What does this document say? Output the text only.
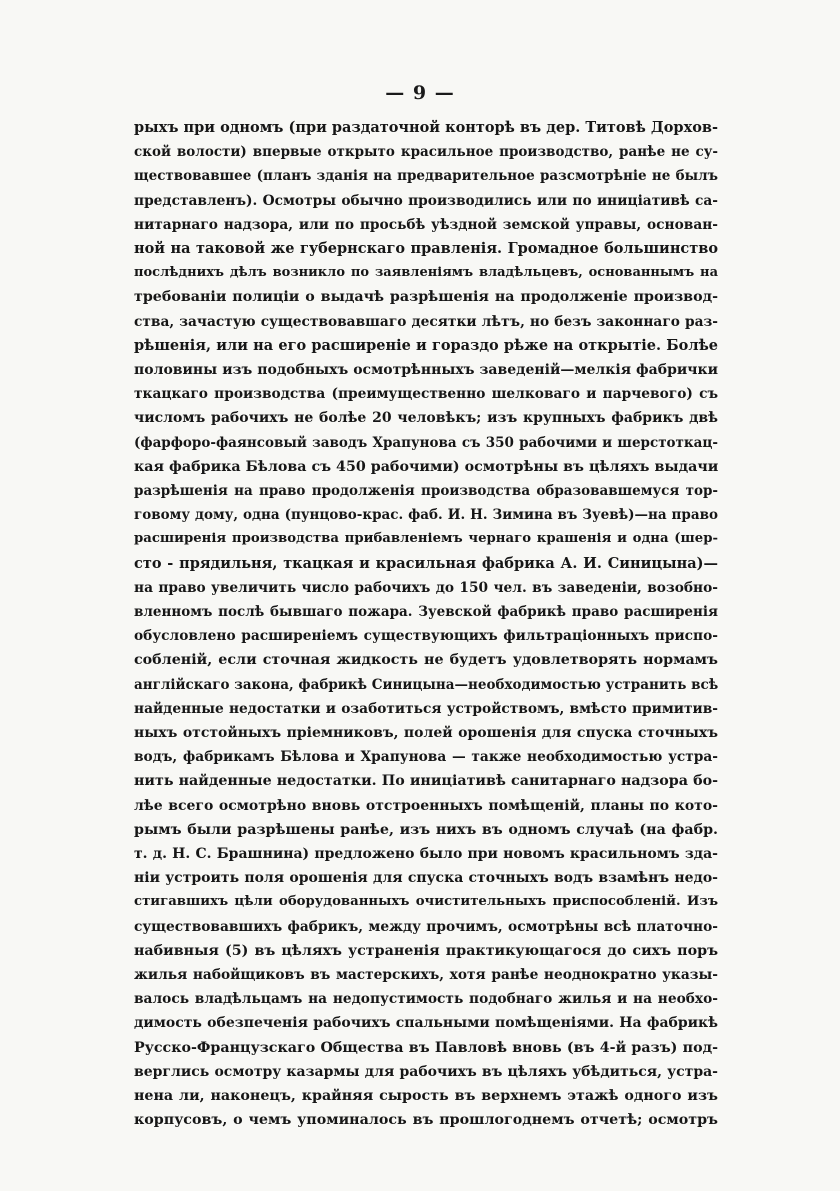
— 9 —
рыхъ при одномъ (при раздаточной конторѣ въ дер. Титовѣ Дорхов-
ской волости) впервые открыто красильное производство, ранѣе не су-
ществовавшее (планъ зданія на предварительное разсмотрѣніе не былъ
представленъ). Осмотры обычно производились или по иниціативѣ са-
нитарнаго надзора, или по просьбѣ уѣздной земской управы, основан-
ной на таковой же губернскаго правленія. Громадное большинство
послѣднихъ дѣлъ возникло по заявленіямъ владѣльцевъ, основаннымъ на
требованіи полиціи о выдачѣ разрѣшенія на продолженіе производ-
ства, зачастую существовавшаго десятки лѣтъ, но безъ законнаго раз-
рѣшенія, или на его расширеніе и гораздо рѣже на открытіе. Болѣе
половины изъ подобныхъ осмотрѣнныхъ заведеній—мелкія фабрички
ткацкаго производства (преимущественно шелковаго и парчевого) съ
числомъ рабочихъ не болѣе 20 человѣкъ; изъ крупныхъ фабрикъ двѣ
(фарфоро-фаянсовый заводъ Храпунова съ 350 рабочими и шерстоткац-
кая фабрика Бѣлова съ 450 рабочими) осмотрѣны въ цѣляхъ выдачи
разрѣшенія на право продолженія производства образовавшемуся тор-
говому дому, одна (пунцово-крас. фаб. И. Н. Зимина въ Зуевѣ)—на право
расширенія производства прибавленіемъ чернаго крашенія и одна (шер-
сто - прядильня, ткацкая и красильная фабрика А. И. Синицына)—
на право увеличить число рабочихъ до 150 чел. въ заведеніи, возобно-
вленномъ послѣ бывшаго пожара. Зуевской фабрикѣ право расширенія
обусловлено расширеніемъ существующихъ фильтраціонныхъ приспо-
собленій, если сточная жидкость не будетъ удовлетворять нормамъ
англійскаго закона, фабрикѣ Синицына—необходимостью устранить всѣ
найденные недостатки и озаботиться устройствомъ, вмѣсто примитив-
ныхъ отстойныхъ пріемниковъ, полей орошенія для спуска сточныхъ
водъ, фабрикамъ Бѣлова и Храпунова — также необходимостью устра-
нить найденные недостатки. По иниціативѣ санитарнаго надзора бо-
лѣе всего осмотрѣно вновь отстроенныхъ помѣщеній, планы по кото-
рымъ были разрѣшены ранѣе, изъ нихъ въ одномъ случаѣ (на фабр.
т. д. Н. С. Брашнина) предложено было при новомъ красильномъ зда-
ніи устроить поля орошенія для спуска сточныхъ водъ взамѣнъ недо-
стигавшихъ цѣли оборудованныхъ очистительныхъ приспособленій. Изъ
существовавшихъ фабрикъ, между прочимъ, осмотрѣны всѣ платочно-
набивныя (5) въ цѣляхъ устраненія практикующагося до сихъ поръ
жилья набойщиковъ въ мастерскихъ, хотя ранѣе неоднократно указы-
валось владѣльцамъ на недопустимость подобнаго жилья и на необхо-
димость обезпеченія рабочихъ спальными помѣщеніями. На фабрикѣ
Русско-Французскаго Общества въ Павловѣ вновь (въ 4-й разъ) под-
верглись осмотру казармы для рабочихъ въ цѣляхъ убѣдиться, устра-
нена ли, наконецъ, крайняя сырость въ верхнемъ этажѣ одного изъ
корпусовъ, о чемъ упоминалось въ прошлогоднемъ отчетѣ; осмотръ
